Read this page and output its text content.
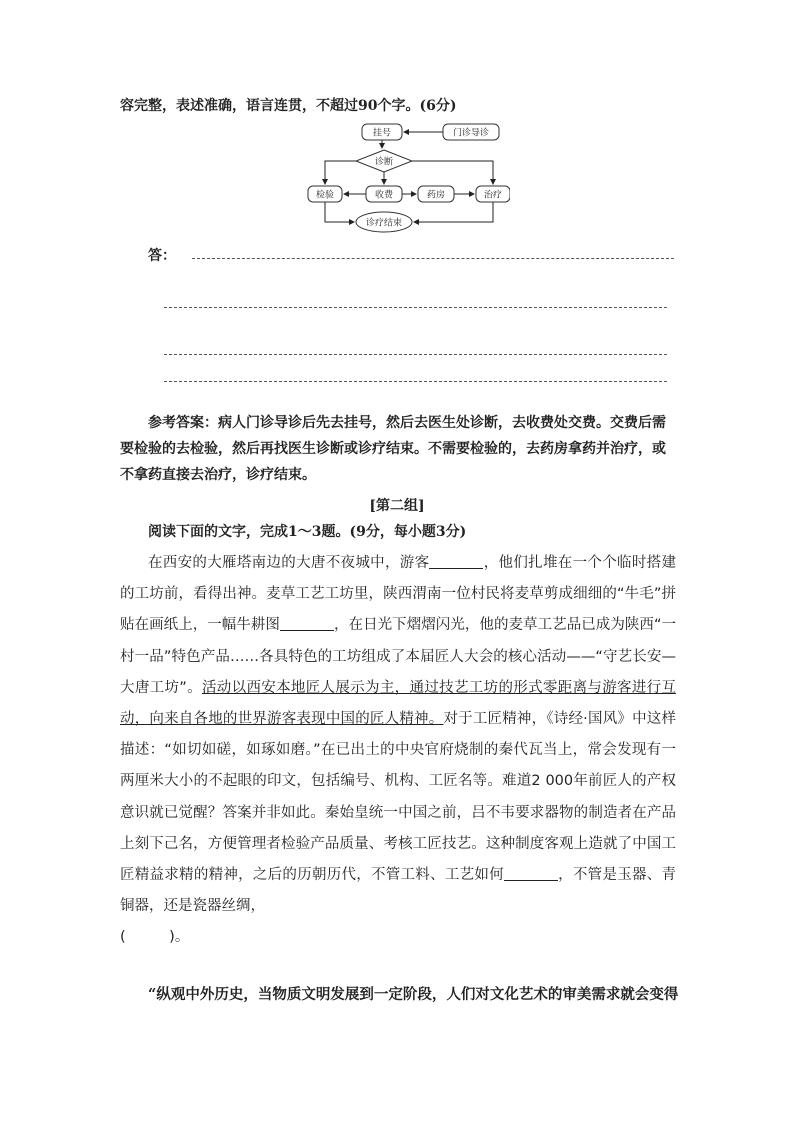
容完整，表述准确，语言连贯，不超过90个字。(6分)
挂号	门诊导诊
诊断
检验	收费	药房	治疗
诊疗结束
答：
参考答案：病人门诊导诊后先去挂号，然后去医生处诊断，去收费处交费。交费后需要检验的去检验，然后再找医生诊断或诊疗结束。不需要检验的，去药房拿药并治疗，或不拿药直接去治疗，诊疗结束。
[第二组]
阅读下面的文字，完成1～3题。(9分，每小题3分)
在西安的大雁塔南边的大唐不夜城中，游客	，他们扎堆在一个个临时搭建的工坊前，看得出神。麦草工艺工坊里，陕西渭南一位村民将麦草剪成细细的“牛毛”拼贴在画纸上，一幅牛耕图	，在日光下熠熠闪光，他的麦草工艺品已成为陕西“一村一品”特色产品……各具特色的工坊组成了本届匠人大会的核心活动——“守艺长安—大唐工坊”。活动以西安本地匠人展示为主，通过技艺工坊的形式零距离与游客进行互动，向来自各地的世界游客表现中国的匠人精神。对于工匠精神，《诗经·国风》中这样描述：“如切如磋，如琢如磨。”在已出土的中央官府烧制的秦代瓦当上，常会发现有一两厘米大小的不起眼的印文，包括编号、机构、工匠名等。难道2 000年前匠人的产权意识就已觉醒？答案并非如此。秦始皇统一中国之前，吕不韦要求器物的制造者在产品上刻下己名，方便管理者检验产品质量、考核工匠技艺。这种制度客观上造就了中国工匠精益求精的精神，之后的历朝历代，不管工料、工艺如何	，不管是玉器、青铜器，还是瓷器丝绸，
(　　　)。
“纵观中外历史，当物质文明发展到一定阶段，人们对文化艺术的审美需求就会变得
